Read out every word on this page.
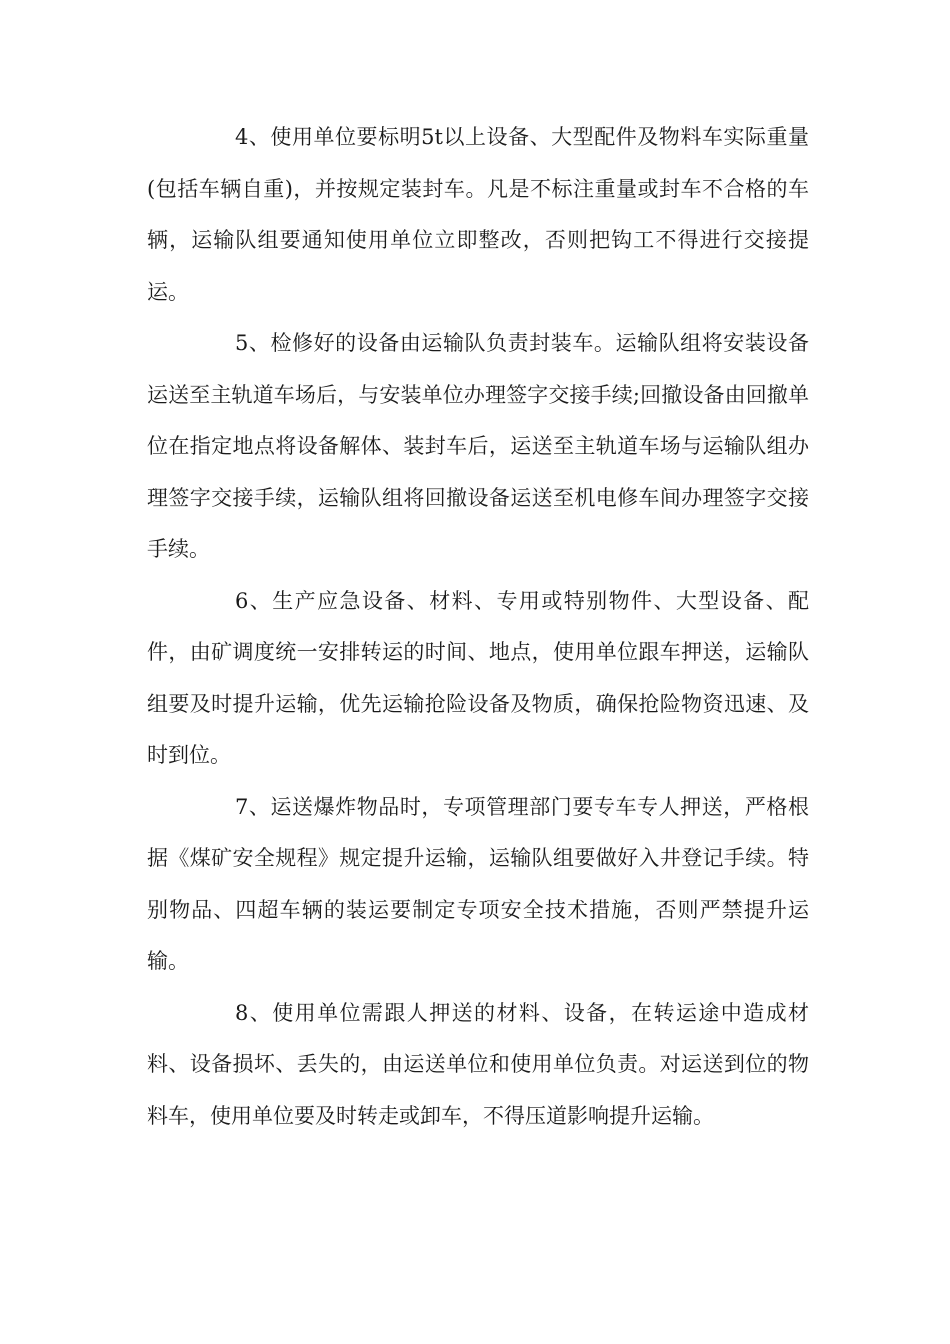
4、使用单位要标明5t以上设备、大型配件及物料车实际重量(包括车辆自重)，并按规定装封车。凡是不标注重量或封车不合格的车辆，运输队组要通知使用单位立即整改，否则把钩工不得进行交接提运。

5、检修好的设备由运输队负责封装车。运输队组将安装设备运送至主轨道车场后，与安装单位办理签字交接手续;回撤设备由回撤单位在指定地点将设备解体、装封车后，运送至主轨道车场与运输队组办理签字交接手续，运输队组将回撤设备运送至机电修车间办理签字交接手续。

6、生产应急设备、材料、专用或特别物件、大型设备、配件，由矿调度统一安排转运的时间、地点，使用单位跟车押送，运输队组要及时提升运输，优先运输抢险设备及物质，确保抢险物资迅速、及时到位。

7、运送爆炸物品时，专项管理部门要专车专人押送，严格根据《煤矿安全规程》规定提升运输，运输队组要做好入井登记手续。特别物品、四超车辆的装运要制定专项安全技术措施，否则严禁提升运输。

8、使用单位需跟人押送的材料、设备，在转运途中造成材料、设备损坏、丢失的，由运送单位和使用单位负责。对运送到位的物料车，使用单位要及时转走或卸车，不得压道影响提升运输。
